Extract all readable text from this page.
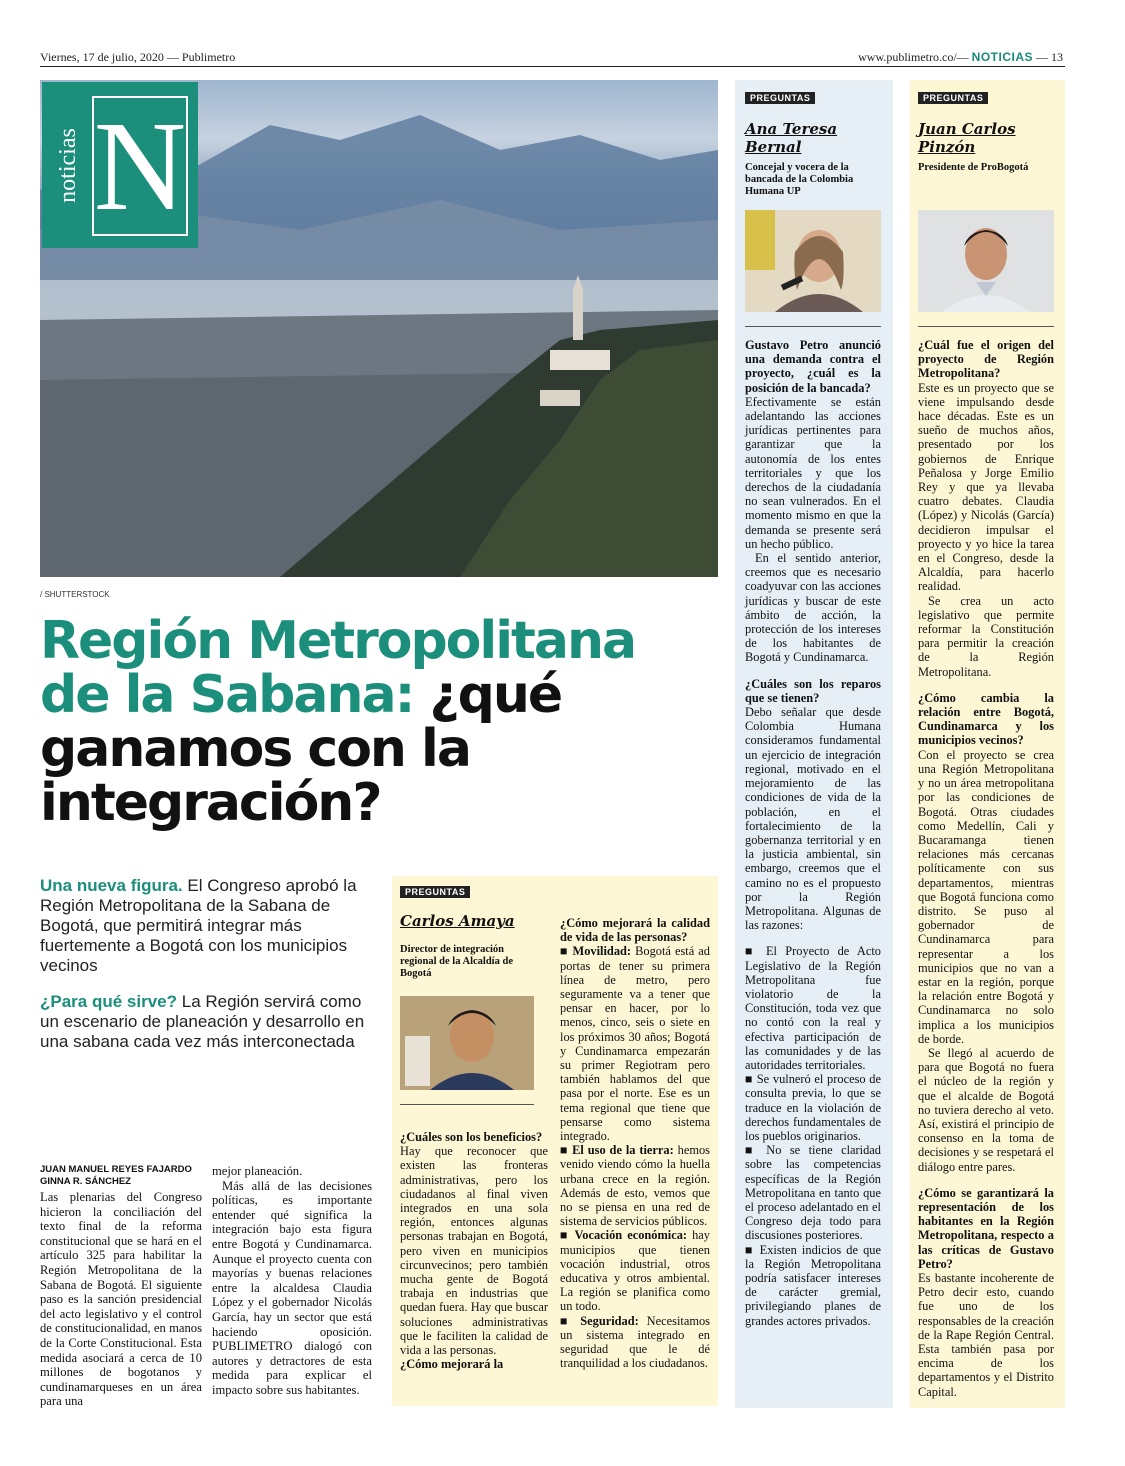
Viernes, 17 de julio, 2020 — Publimetro	www.publimetro.co/— NOTICIAS — 13
noticias N
/ SHUTTERSTOCK
Región Metropolitana
de la Sabana: ¿qué
ganamos con la
integración?
Una nueva figura. El Congreso aprobó la Región Metropolitana de la Sabana de Bogotá, que permitirá integrar más fuertemente a Bogotá con los municipios vecinos
¿Para qué sirve? La Región servirá como un escenario de planeación y desarrollo en una sabana cada vez más interconectada
JUAN MANUEL REYES FAJARDO
GINNA R. SÁNCHEZ
Las plenarias del Congreso hicieron la conciliación del texto final de la reforma constitucional que se hará en el artículo 325 para habilitar la Región Metropolitana de la Sabana de Bogotá. El siguiente paso es la sanción presidencial del acto legislativo y el control de constitucionalidad, en manos de la Corte Constitucional. Esta medida asociará a cerca de 10 millones de bogotanos y cundinamarqueses en un área para una
mejor planeación.
Más allá de las decisiones políticas, es importante entender qué significa la integración bajo esta figura entre Bogotá y Cundinamarca. Aunque el proyecto cuenta con mayorías y buenas relaciones entre la alcaldesa Claudia López y el gobernador Nicolás García, hay un sector que está haciendo oposición. PUBLIMETRO dialogó con autores y detractores de esta medida para explicar el impacto sobre sus habitantes.
PREGUNTAS
Carlos Amaya
Director de integración regional de la Alcaldía de Bogotá

¿Cuáles son los beneficios?

Hay que reconocer que existen las fronteras administrativas, pero los ciudadanos al final viven integrados en una sola región, entonces algunas personas trabajan en Bogotá, pero viven en municipios circunvecinos; pero también mucha gente de Bogotá trabaja en industrias que quedan fuera. Hay que buscar soluciones administrativas que le faciliten la calidad de vida a las personas.

¿Cómo mejorará la

¿Cómo mejorará la calidad de vida de las personas?

■ Movilidad: Bogotá está ad portas de tener su primera línea de metro, pero seguramente va a tener que pensar en hacer, por lo menos, cinco, seis o siete en los próximos 30 años; Bogotá y Cundinamarca empezarán su primer Regiotram pero también hablamos del que pasa por el norte. Ese es un tema regional que tiene que pensarse como sistema integrado.

■ El uso de la tierra: hemos venido viendo cómo la huella urbana crece en la región. Además de esto, vemos que no se piensa en una red de sistema de servicios públicos.

■ Vocación económica: hay municipios que tienen vocación industrial, otros educativa y otros ambiental. La región se planifica como un todo.

■ Seguridad: Necesitamos un sistema integrado en seguridad que le dé tranquilidad a los ciudadanos.

PREGUNTAS
Ana Teresa
Bernal
Concejal y vocera de la bancada de la Colombia Humana UP

Gustavo Petro anunció una demanda contra el proyecto, ¿cuál es la posición de la bancada?

Efectivamente se están adelantando las acciones jurídicas pertinentes para garantizar que la autonomía de los entes territoriales y que los derechos de la ciudadanía no sean vulnerados. En el momento mismo en que la demanda se presente será un hecho público.

En el sentido anterior, creemos que es necesario coadyuvar con las acciones jurídicas y buscar de este ámbito de acción, la protección de los intereses de los habitantes de Bogotá y Cundinamarca.

¿Cuáles son los reparos que se tienen?

Debo señalar que desde Colombia Humana consideramos fundamental un ejercicio de integración regional, motivado en el mejoramiento de las condiciones de vida de la población, en el fortalecimiento de la gobernanza territorial y en la justicia ambiental, sin embargo, creemos que el camino no es el propuesto por la Región Metropolitana. Algunas de las razones:

■ El Proyecto de Acto Legislativo de la Región Metropolitana fue violatorio de la Constitución, toda vez que no contó con la real y efectiva participación de las comunidades y de las autoridades territoriales.

■ Se vulneró el proceso de consulta previa, lo que se traduce en la violación de derechos fundamentales de los pueblos originarios.

■ No se tiene claridad sobre las competencias específicas de la Región Metropolitana en tanto que el proceso adelantado en el Congreso deja todo para discusiones posteriores.

■ Existen indicios de que la Región Metropolitana podría satisfacer intereses de carácter gremial, privilegiando planes de grandes actores privados.

PREGUNTAS
Juan Carlos
Pinzón
Presidente de ProBogotá

¿Cuál fue el origen del proyecto de Región Metropolitana?

Este es un proyecto que se viene impulsando desde hace décadas. Este es un sueño de muchos años, presentado por los gobiernos de Enrique Peñalosa y Jorge Emilio Rey y que ya llevaba cuatro debates. Claudia (López) y Nicolás (García) decidieron impulsar el proyecto y yo hice la tarea en el Congreso, desde la Alcaldía, para hacerlo realidad.

Se crea un acto legislativo que permite reformar la Constitución para permitir la creación de la Región Metropolitana.

¿Cómo cambia la relación entre Bogotá, Cundinamarca y los municipios vecinos?

Con el proyecto se crea una Región Metropolitana y no un área metropolitana por las condiciones de Bogotá. Otras ciudades como Medellín, Cali y Bucaramanga tienen relaciones más cercanas políticamente con sus departamentos, mientras que Bogotá funciona como distrito. Se puso al gobernador de Cundinamarca para representar a los municipios que no van a estar en la región, porque la relación entre Bogotá y Cundinamarca no solo implica a los municipios de borde.

Se llegó al acuerdo de para que Bogotá no fuera el núcleo de la región y que el alcalde de Bogotá no tuviera derecho al veto. Así, existirá el principio de consenso en la toma de decisiones y se respetará el diálogo entre pares.

¿Cómo se garantizará la representación de los habitantes en la Región Metropolitana, respecto a las críticas de Gustavo Petro?

Es bastante incoherente de Petro decir esto, cuando fue uno de los responsables de la creación de la Rape Región Central. Esta también pasa por encima de los departamentos y el Distrito Capital.
